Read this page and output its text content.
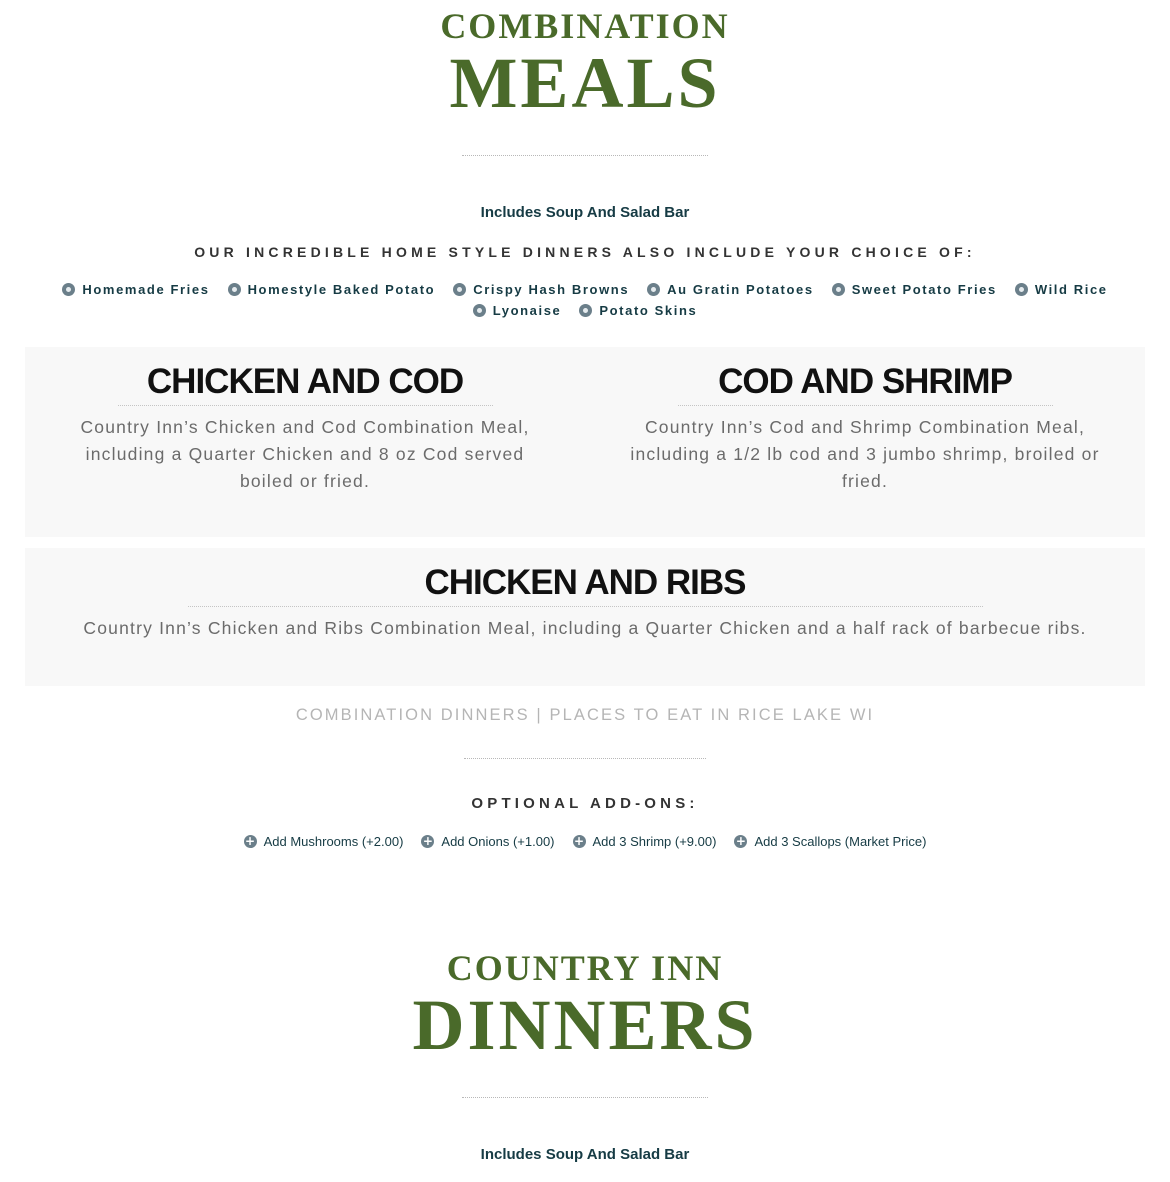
COMBINATION
MEALS
Includes Soup And Salad Bar
OUR INCREDIBLE HOME STYLE DINNERS ALSO INCLUDE YOUR CHOICE OF:
Homemade Fries	Homestyle Baked Potato	Crispy Hash Browns	Au Gratin Potatoes	Sweet Potato Fries	Wild Rice
Lyonaise	Potato Skins
CHICKEN AND COD
Country Inn’s Chicken and Cod Combination Meal, including a Quarter Chicken and 8 oz Cod served boiled or fried.
COD AND SHRIMP
Country Inn’s Cod and Shrimp Combination Meal, including a 1/2 lb cod and 3 jumbo shrimp, broiled or fried.
CHICKEN AND RIBS
Country Inn’s Chicken and Ribs Combination Meal, including a Quarter Chicken and a half rack of barbecue ribs.
COMBINATION DINNERS | PLACES TO EAT IN RICE LAKE WI
OPTIONAL ADD-ONS:
+ Add Mushrooms (+2.00) + Add Onions (+1.00) + Add 3 Shrimp (+9.00) + Add 3 Scallops (Market Price)
COUNTRY INN
DINNERS
Includes Soup And Salad Bar
